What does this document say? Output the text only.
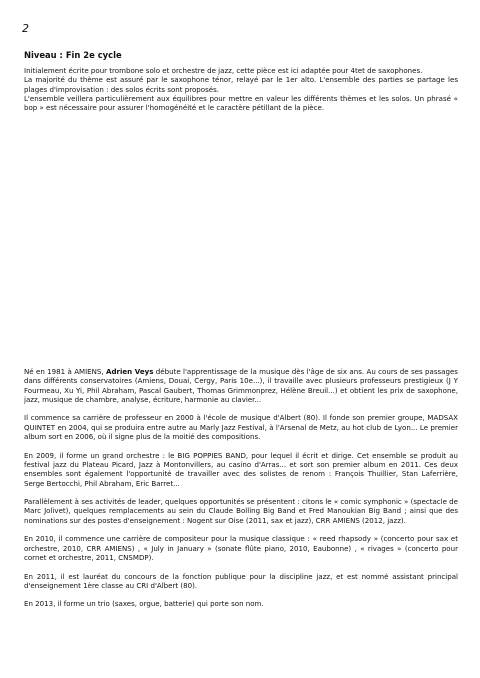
2

Niveau : Fin 2e cycle

Initialement écrite pour trombone solo et orchestre de jazz, cette pièce est ici adaptée pour 4tet de saxophones.

La majorité du thème est assuré par le saxophone ténor, relayé par le 1er alto. L'ensemble des parties se partage les plages d'improvisation : des solos écrits sont proposés.

L'ensemble veillera particulièrement aux équilibres pour mettre en valeur les différents thèmes et les solos. Un phrasé « bop » est nécessaire pour assurer l'homogénéité et le caractère pétillant de la pièce.

Né en 1981 à AMIENS, Adrien Veys débute l'apprentissage de la musique dès l'âge de six ans. Au cours de ses passages dans différents conservatoires (Amiens, Douai, Cergy, Paris 10e...), il travaille avec plusieurs professeurs prestigieux (J Y Fourmeau, Xu Yi, Phil Abraham, Pascal Gaubert, Thomas Grimmonprez, Hélène Breuil...) et obtient les prix de saxophone, jazz, musique de chambre, analyse, écriture, harmonie au clavier...

Il commence sa carrière de professeur en 2000 à l'école de musique d'Albert (80). Il fonde son premier groupe, MADSAX QUINTET en 2004, qui se produira entre autre au Marly Jazz Festival, à l'Arsenal de Metz, au hot club de Lyon... Le premier album sort en 2006, où il signe plus de la moitié des compositions.

En 2009, il forme un grand orchestre : le BIG POPPIES BAND, pour lequel il écrit et dirige. Cet ensemble se produit au festival jazz du Plateau Picard, Jazz à Montonvillers, au casino d'Arras... et sort son premier album en 2011. Ces deux ensembles sont également l'opportunité de travailler avec des solistes de renom : François Thuillier, Stan Laferrière, Serge Bertocchi, Phil Abraham, Eric Barret...

Parallèlement à ses activités de leader, quelques opportunités se présentent : citons le « comic symphonic » (spectacle de Marc Jolivet), quelques remplacements au sein du Claude Bolling Big Band et Fred Manoukian Big Band ; ainsi que des nominations sur des postes d'enseignement : Nogent sur Oise (2011, sax et jazz), CRR AMIENS (2012, jazz).

En 2010, il commence une carrière de compositeur pour la musique classique : « reed rhapsody » (concerto pour sax et orchestre, 2010, CRR AMIENS) , « July in January » (sonate flûte piano, 2010, Eaubonne) , « rivages » (concerto pour cornet et orchestre, 2011, CNSMDP).

En 2011, il est lauréat du concours de la fonction publique pour la discipline jazz, et est nommé assistant principal d'enseignement 1ère classe au CRI d'Albert (80).

En 2013, il forme un trio (saxes, orgue, batterie) qui porte son nom.
